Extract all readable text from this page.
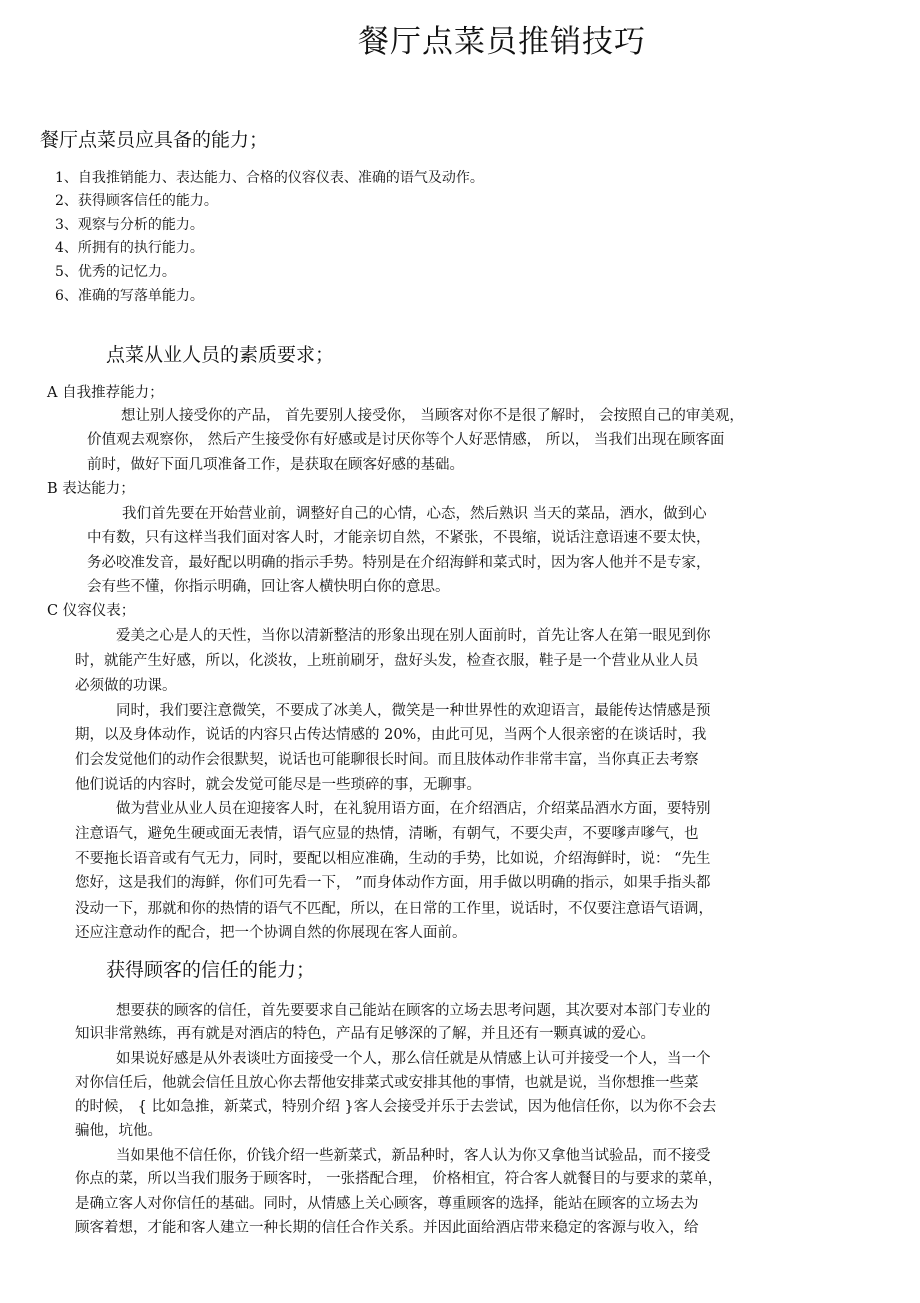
餐厅点菜员推销技巧
餐厅点菜员应具备的能力；
1、自我推销能力、表达能力、合格的仪容仪表、准确的语气及动作。
2、获得顾客信任的能力。
3、观察与分析的能力。
4、所拥有的执行能力。
5、优秀的记忆力。
6、准确的写落单能力。
点菜从业人员的素质要求；
A 自我推荐能力；
想让别人接受你的产品， 首先要别人接受你， 当顾客对你不是很了解时， 会按照自己的审美观，
价值观去观察你， 然后产生接受你有好感或是讨厌你等个人好恶情感， 所以， 当我们出现在顾客面
前时，做好下面几项准备工作，是获取在顾客好感的基础。
B 表达能力；
我们首先要在开始营业前，调整好自己的心情，心态，然后熟识 当天的菜品，酒水，做到心
中有数，只有这样当我们面对客人时，才能亲切自然，不紧张，不畏缩，说话注意语速不要太快，
务必咬准发音，最好配以明确的指示手势。特别是在介绍海鲜和菜式时，因为客人他并不是专家，
会有些不懂，你指示明确，回让客人横快明白你的意思。
C 仪容仪表；
爱美之心是人的天性，当你以清新整洁的形象出现在别人面前时，首先让客人在第一眼见到你
时，就能产生好感，所以，化淡妆，上班前刷牙，盘好头发，检查衣服，鞋子是一个营业从业人员
必须做的功课。
同时，我们要注意微笑，不要成了冰美人，微笑是一种世界性的欢迎语言，最能传达情感是预
期，以及身体动作，说话的内容只占传达情感的 20%，由此可见，当两个人很亲密的在谈话时，我
们会发觉他们的动作会很默契，说话也可能聊很长时间。而且肢体动作非常丰富，当你真正去考察
他们说话的内容时，就会发觉可能尽是一些琐碎的事，无聊事。
做为营业从业人员在迎接客人时，在礼貌用语方面，在介绍酒店，介绍菜品酒水方面，要特别
注意语气，避免生硬或面无表情，语气应显的热情，清晰，有朝气，不要尖声，不要嗲声嗲气，也
不要拖长语音或有气无力，同时，要配以相应准确，生动的手势，比如说，介绍海鲜时，说： “先生
您好，这是我们的海鲜，你们可先看一下， ”而身体动作方面，用手做以明确的指示，如果手指头都
没动一下，那就和你的热情的语气不匹配，所以，在日常的工作里，说话时，不仅要注意语气语调，
还应注意动作的配合，把一个协调自然的你展现在客人面前。
获得顾客的信任的能力；
想要获的顾客的信任，首先要要求自己能站在顾客的立场去思考问题，其次要对本部门专业的
知识非常熟练，再有就是对酒店的特色，产品有足够深的了解，并且还有一颗真诚的爱心。
如果说好感是从外表谈吐方面接受一个人，那么信任就是从情感上认可并接受一个人，当一个
对你信任后，他就会信任且放心你去帮他安排菜式或安排其他的事情，也就是说，当你想推一些菜
的时候， { 比如急推，新菜式，特别介绍 }客人会接受并乐于去尝试，因为他信任你，以为你不会去
骗他，坑他。
当如果他不信任你，价钱介绍一些新菜式，新品种时，客人认为你又拿他当试验品，而不接受
你点的菜，所以当我们服务于顾客时， 一张搭配合理， 价格相宜，符合客人就餐目的与要求的菜单，
是确立客人对你信任的基础。同时，从情感上关心顾客，尊重顾客的选择，能站在顾客的立场去为
顾客着想，才能和客人建立一种长期的信任合作关系。并因此面给酒店带来稳定的客源与收入，给
